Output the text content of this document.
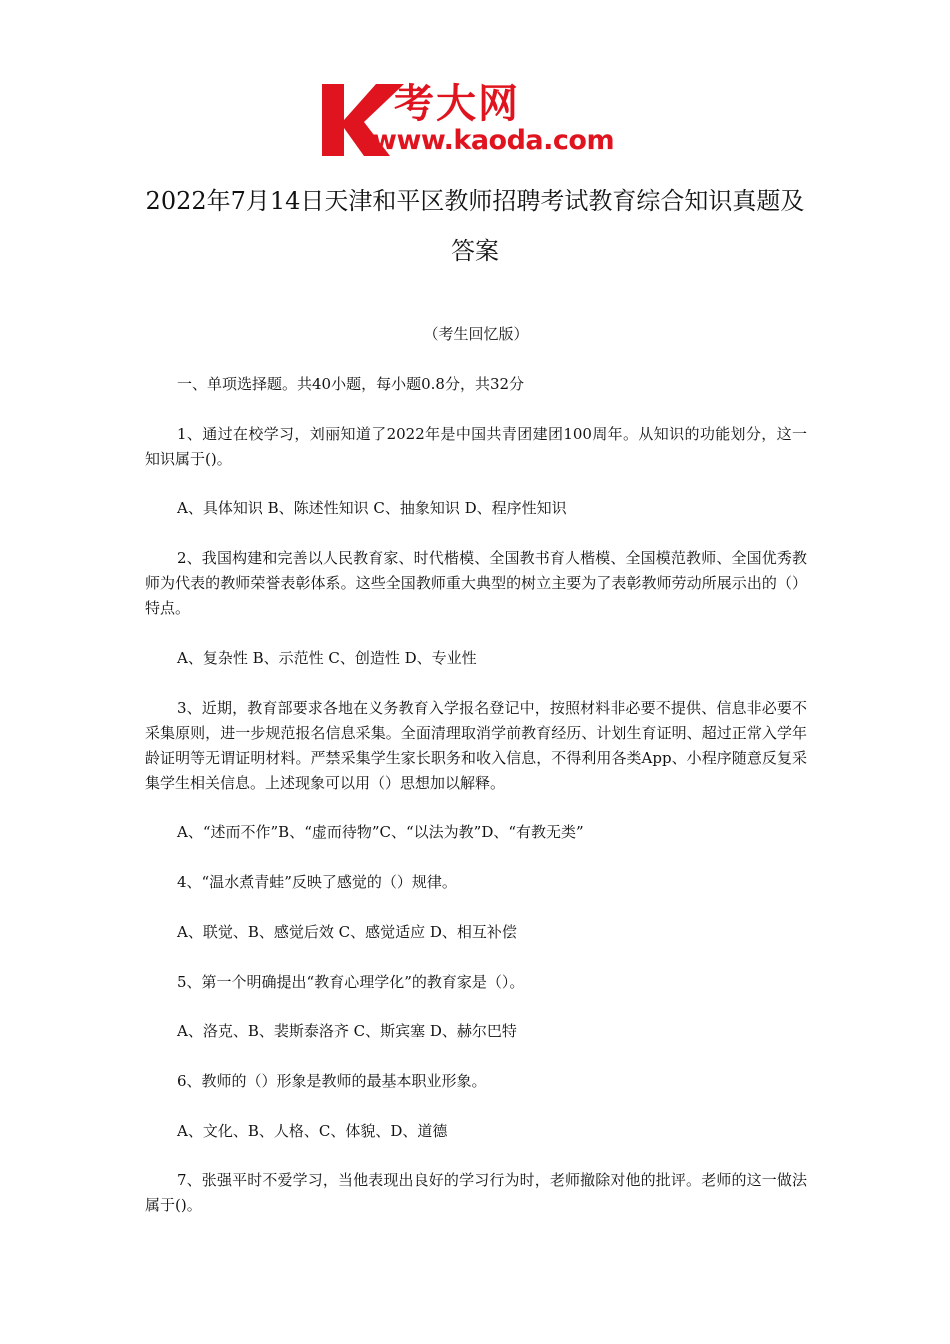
考大网
www.kaoda.com
2022年7月14日天津和平区教师招聘考试教育综合知识真题及答案
（考生回忆版）
一、单项选择题。共40小题，每小题0.8分，共32分
1、通过在校学习，刘丽知道了2022年是中国共青团建团100周年。从知识的功能划分，这一知识属于()。
A、具体知识 B、陈述性知识 C、抽象知识 D、程序性知识
2、我国构建和完善以人民教育家、时代楷模、全国教书育人楷模、全国模范教师、全国优秀教师为代表的教师荣誉表彰体系。这些全国教师重大典型的树立主要为了表彰教师劳动所展示出的（）特点。
A、复杂性 B、示范性 C、创造性 D、专业性
3、近期，教育部要求各地在义务教育入学报名登记中，按照材料非必要不提供、信息非必要不采集原则，进一步规范报名信息采集。全面清理取消学前教育经历、计划生育证明、超过正常入学年龄证明等无谓证明材料。严禁采集学生家长职务和收入信息，不得利用各类App、小程序随意反复采集学生相关信息。上述现象可以用（）思想加以解释。
A、“述而不作”B、“虚而待物”C、“以法为教”D、“有教无类”
4、“温水煮青蛙”反映了感觉的（）规律。
A、联觉、B、感觉后效 C、感觉适应 D、相互补偿
5、第一个明确提出“教育心理学化”的教育家是（）。
A、洛克、B、裴斯泰洛齐 C、斯宾塞 D、赫尔巴特
6、教师的（）形象是教师的最基本职业形象。
A、文化、B、人格、C、体貌、D、道德
7、张强平时不爱学习，当他表现出良好的学习行为时，老师撤除对他的批评。老师的这一做法属于()。
